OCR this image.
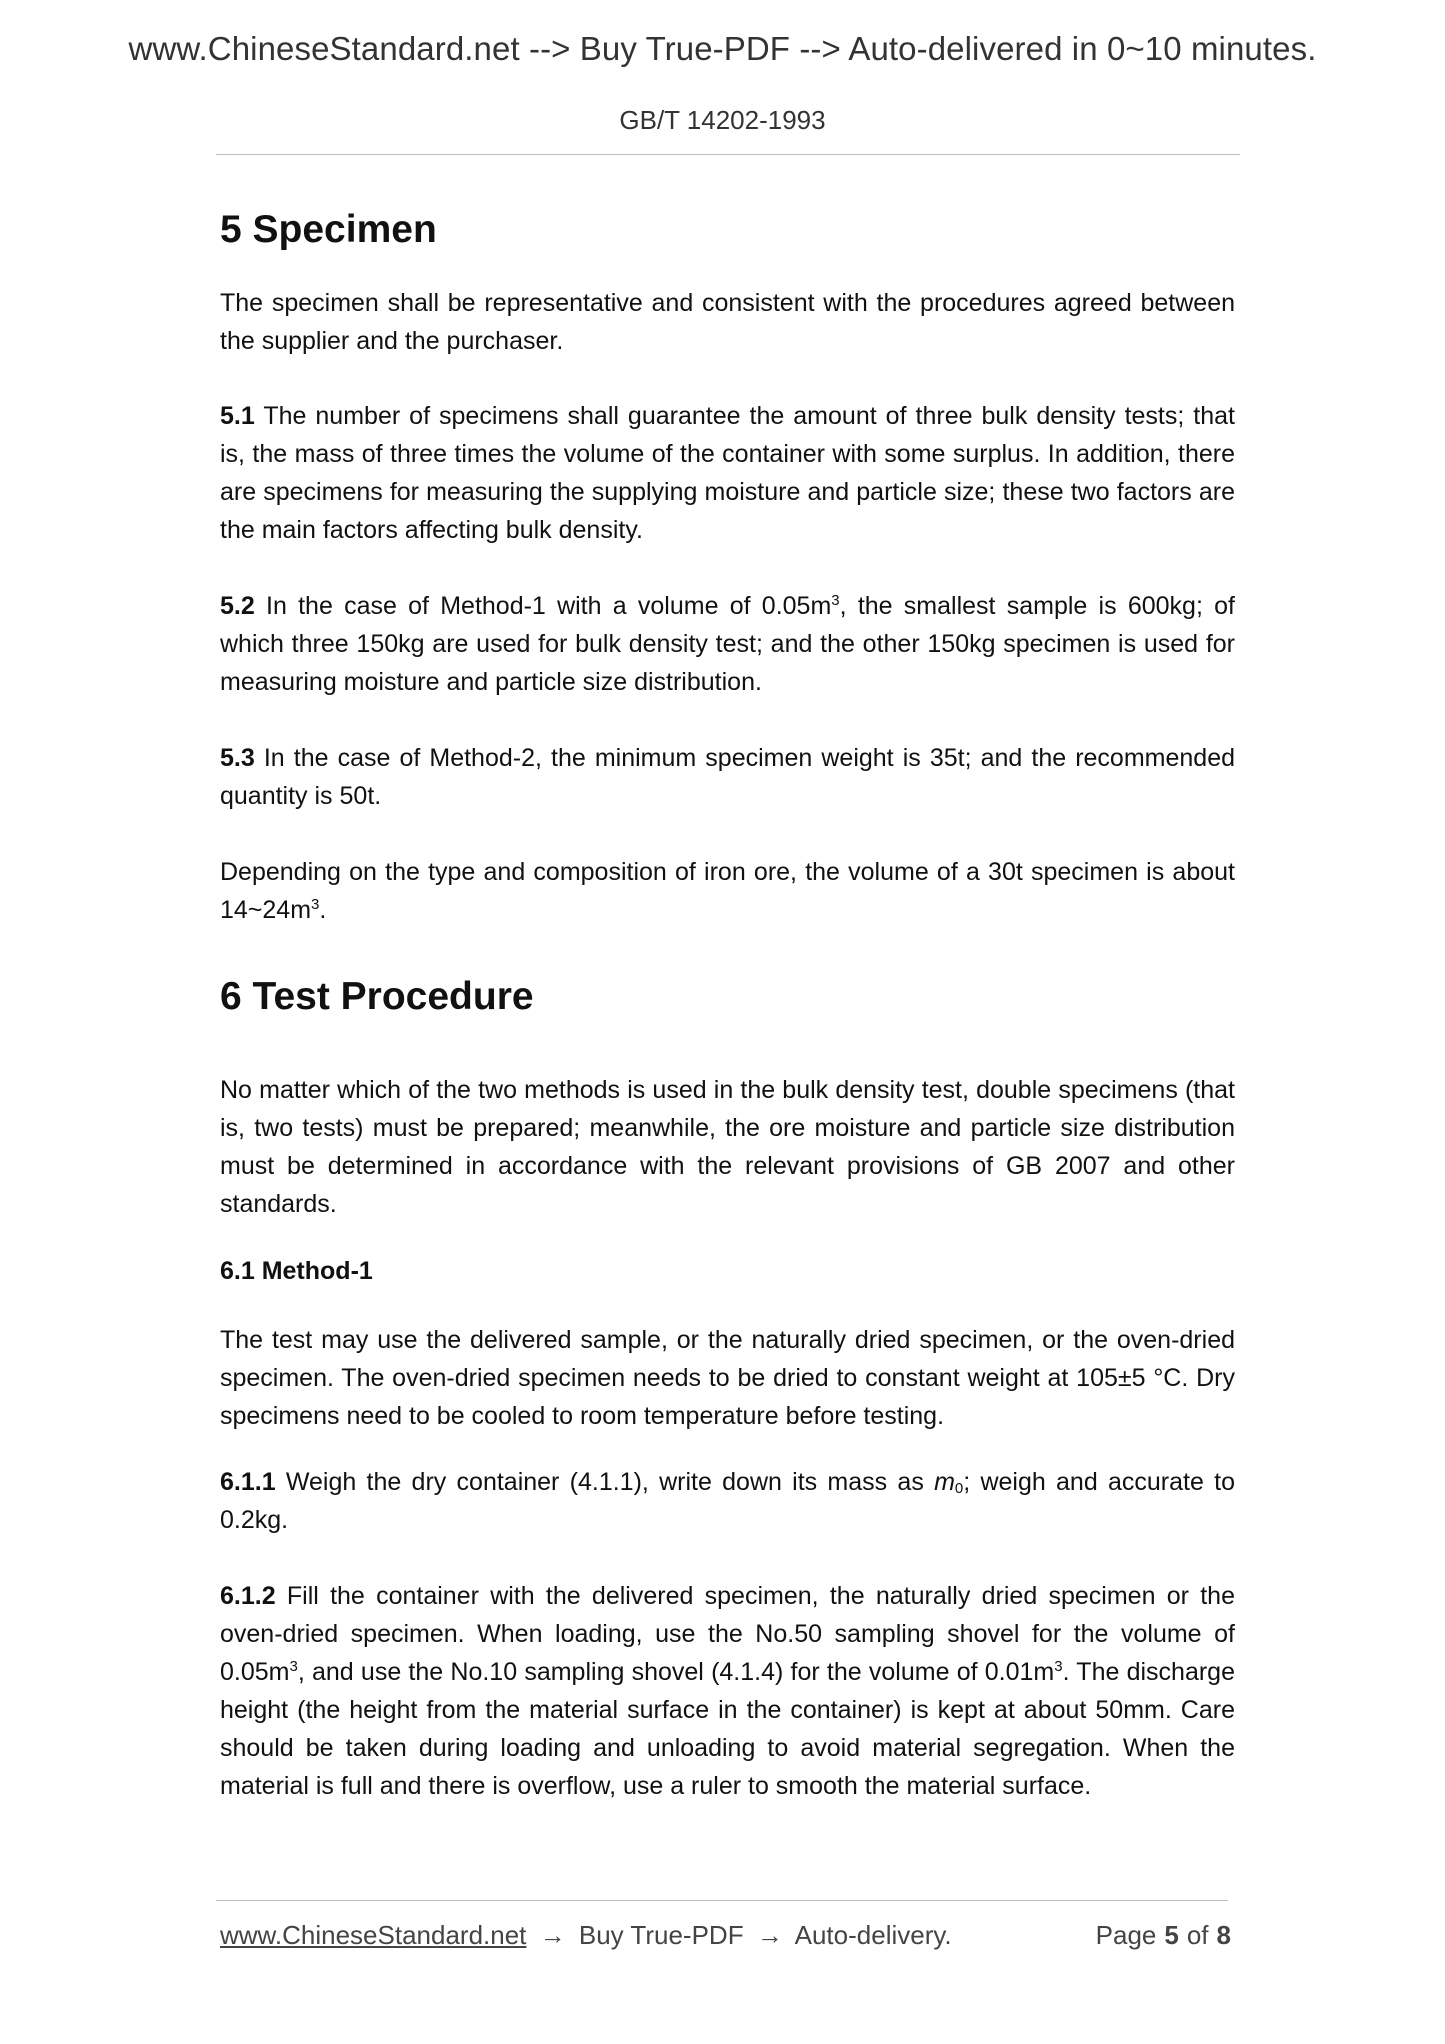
www.ChineseStandard.net --> Buy True-PDF --> Auto-delivered in 0~10 minutes.
GB/T 14202-1993
5 Specimen

The specimen shall be representative and consistent with the procedures agreed between the supplier and the purchaser.

5.1 The number of specimens shall guarantee the amount of three bulk density tests; that is, the mass of three times the volume of the container with some surplus. In addition, there are specimens for measuring the supplying moisture and particle size; these two factors are the main factors affecting bulk density.

5.2 In the case of Method-1 with a volume of $0.05m^3$, the smallest sample is 600kg; of which three 150kg are used for bulk density test; and the other 150kg specimen is used for measuring moisture and particle size distribution.

5.3 In the case of Method-2, the minimum specimen weight is 35t; and the recommended quantity is 50t.

Depending on the type and composition of iron ore, the volume of a 30t specimen is about $14\sim 24m^3$.

6 Test Procedure

No matter which of the two methods is used in the bulk density test, double specimens (that is, two tests) must be prepared; meanwhile, the ore moisture and particle size distribution must be determined in accordance with the relevant provisions of GB 2007 and other standards.

6.1 Method-1

The test may use the delivered sample, or the naturally dried specimen, or the oven-dried specimen. The oven-dried specimen needs to be dried to constant weight at 105±5 °C. Dry specimens need to be cooled to room temperature before testing.

6.1.1 Weigh the dry container (4.1.1), write down its mass as $m_0$; weigh and accurate to 0.2kg.

6.1.2 Fill the container with the delivered specimen, the naturally dried specimen or the oven-dried specimen. When loading, use the No.50 sampling shovel for the volume of $0.05m^3$, and use the No.10 sampling shovel (4.1.4) for the volume of $0.01m^3$. The discharge height (the height from the material surface in the container) is kept at about 50mm. Care should be taken during loading and unloading to avoid material segregation. When the material is full and there is overflow, use a ruler to smooth the material surface.

www.ChineseStandard.net → Buy True-PDF → Auto-delivery.	Page 5 of 8
